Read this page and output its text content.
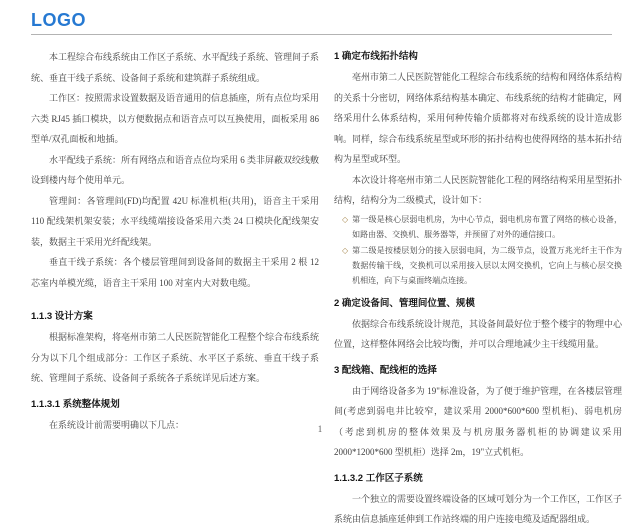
LOGO

本工程综合布线系统由工作区子系统、水平配线子系统、管理间子系统、垂直干线子系统、设备间子系统和建筑群子系统组成。

工作区：按照需求设置数据及语音通用的信息插座，所有点位均采用六类 RJ45 插口模块，以方便数据点和语音点可以互换使用，面板采用 86 型单/双孔面板和地插。

水平配线子系统：所有网络点和语音点位均采用 6 类非屏蔽双绞线敷设到楼内每个使用单元。

管理间：各管理间(FD)均配置 42U 标准机柜(共用)，语音主干采用 110 配线架机架安装；水平线缆端接设备采用六类 24 口模块化配线架安装，数据主干采用光纤配线架。

垂直干线子系统：各个楼层管理间到设备间的数据主干采用 2 根 12 芯室内单模光缆，语音主干采用 100 对室内大对数电缆。

1.1.3 设计方案

根据标准架构，将亳州市第二人民医院智能化工程整个综合布线系统分为以下几个组成部分：工作区子系统、水平区子系统、垂直干线子系统、管理间子系统、设备间子系统各子系统详见后述方案。

1.1.3.1 系统整体规划

在系统设计前需要明确以下几点：

1 确定布线拓扑结构

亳州市第二人民医院智能化工程综合布线系统的结构和网络体系结构的关系十分密切，网络体系结构基本确定、布线系统的结构才能确定，网络采用什么体系结构，采用何种传输介质都将对布线系统的设计造成影响。同样，综合布线系统星型或环形的拓扑结构也使得网络的基本拓扑结构为星型或环型。

本次设计将亳州市第二人民医院智能化工程的网络结构采用星型拓扑结构，结构分为二级模式，设计如下：

◇ 第一级是核心层弱电机房，为中心节点，弱电机房布置了网络的核心设备，如路由器、交换机、服务器等，并预留了对外的通信接口。
◇ 第二级是按楼层划分的接入层弱电间，为二级节点，设置万兆光纤主干作为数据传输干线，交换机可以采用接入层以太网交换机，它向上与核心层交换机相连，向下与桌面终端点连接。
2 确定设备间、管理间位置、规模

依据综合布线系统设计规范，其设备间最好位于整个楼宇的物理中心位置，这样整体网络会比较均衡，并可以合理地减少主干线缆用量。

3 配线箱、配线柜的选择

由于网络设备多为 19"标准设备，为了便于维护管理，在各楼层管理间(考虑到弱电井比较窄，建议采用 2000*600*600 型机柜)、弱电机房（考虑到机房的整体效果及与机房服务器机柜的协调建议采用 2000*1200*600 型机柜）选择 2m，19"立式机柜。

1.1.3.2 工作区子系统

一个独立的需要设置终端设备的区域可划分为一个工作区，工作区子系统由信息插座延伸到工作站终端的用户连接电缆及适配器组成。

1
